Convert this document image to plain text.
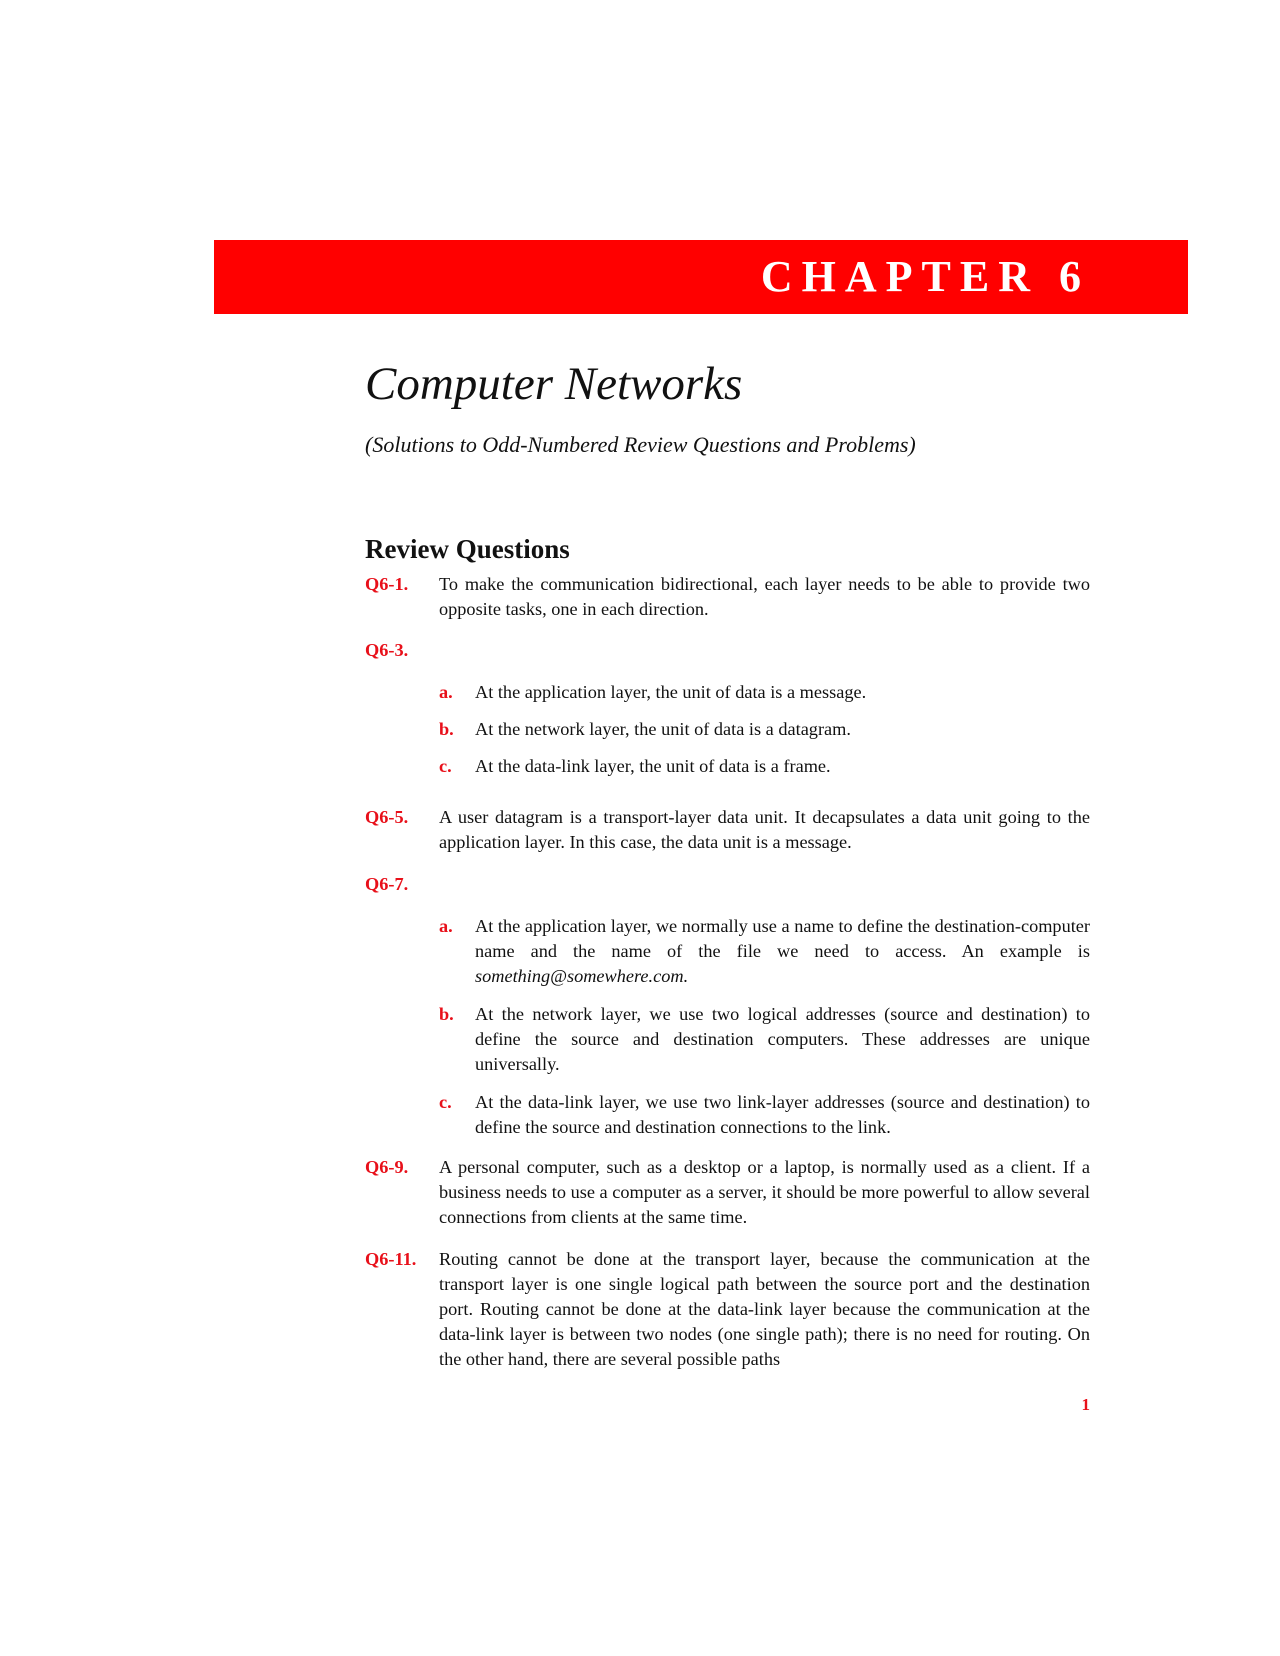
CHAPTER 6
Computer Networks
(Solutions to Odd-Numbered Review Questions and Problems)
Review Questions
Q6-1. To make the communication bidirectional, each layer needs to be able to provide two opposite tasks, one in each direction.
Q6-3.
a. At the application layer, the unit of data is a message.
b. At the network layer, the unit of data is a datagram.
c. At the data-link layer, the unit of data is a frame.
Q6-5. A user datagram is a transport-layer data unit. It decapsulates a data unit going to the application layer. In this case, the data unit is a message.
Q6-7.
a. At the application layer, we normally use a name to define the destination-computer name and the name of the file we need to access. An example is something@somewhere.com.
b. At the network layer, we use two logical addresses (source and destination) to define the source and destination computers. These addresses are unique universally.
c. At the data-link layer, we use two link-layer addresses (source and destination) to define the source and destination connections to the link.
Q6-9. A personal computer, such as a desktop or a laptop, is normally used as a client. If a business needs to use a computer as a server, it should be more powerful to allow several connections from clients at the same time.
Q6-11. Routing cannot be done at the transport layer, because the communication at the transport layer is one single logical path between the source port and the destination port. Routing cannot be done at the data-link layer because the communication at the data-link layer is between two nodes (one single path); there is no need for routing. On the other hand, there are several possible paths
1
